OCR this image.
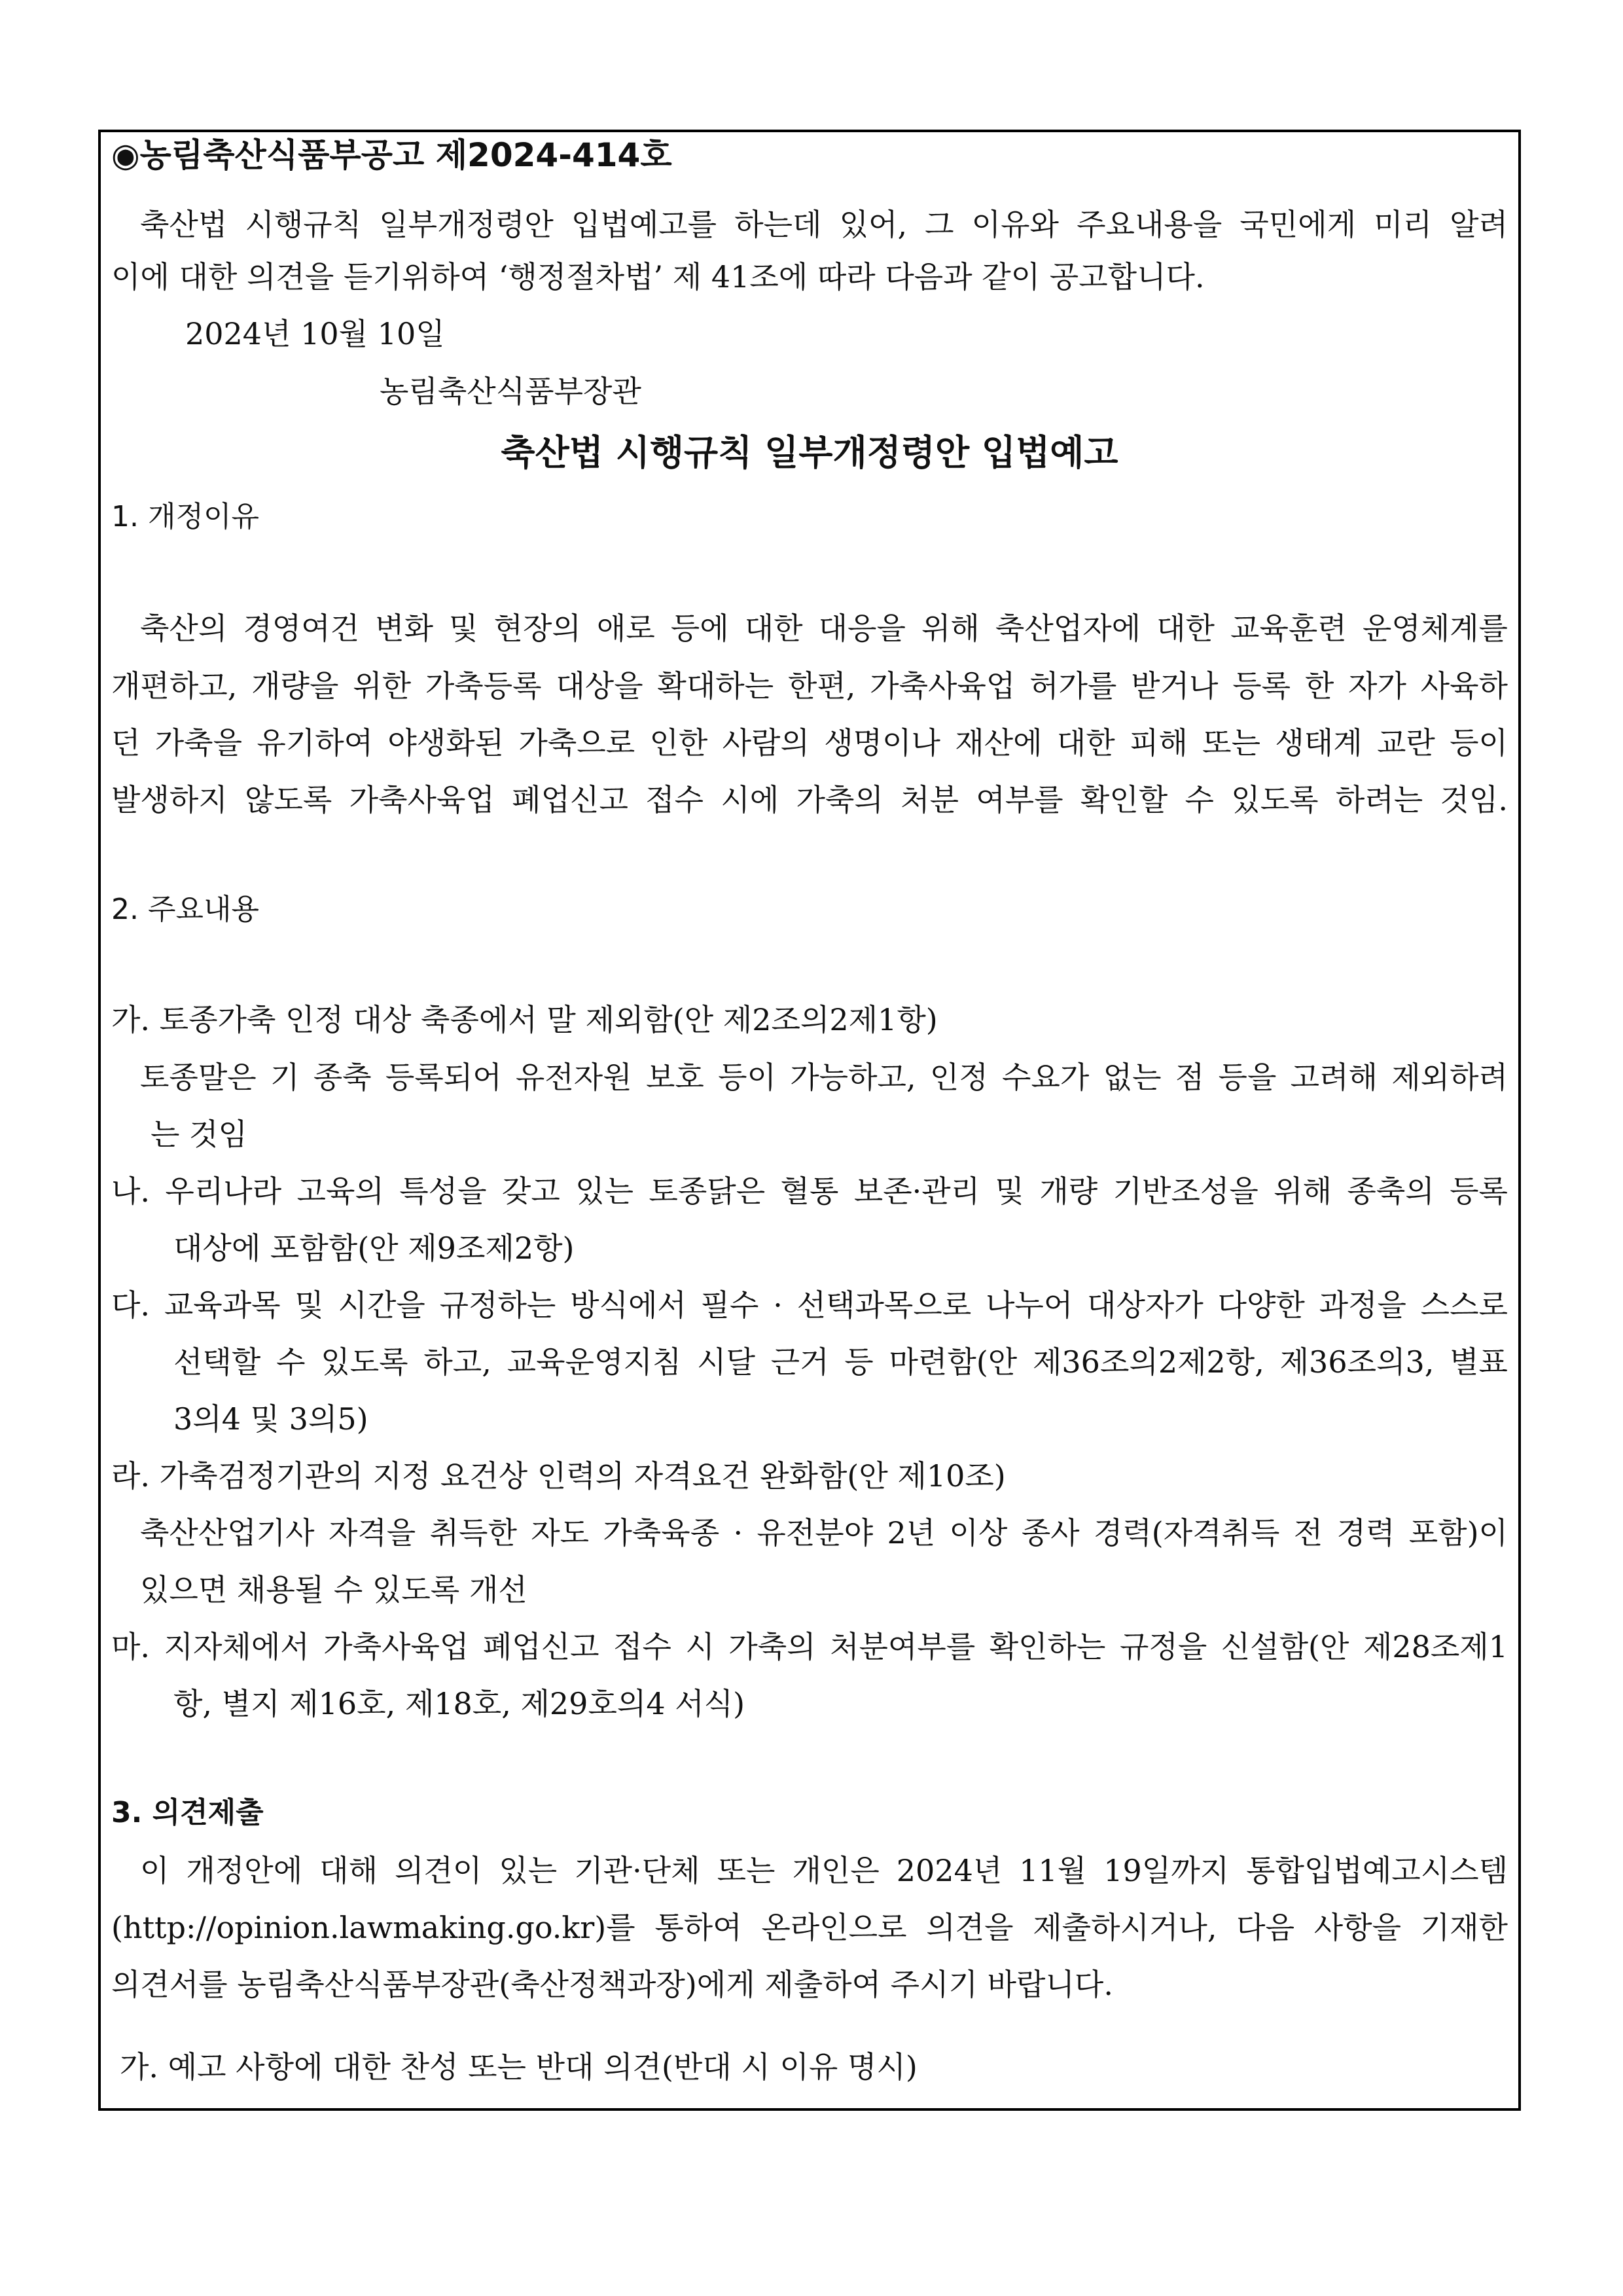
◉농림축산식품부공고 제2024-414호
축산법 시행규칙 일부개정령안 입법예고를 하는데 있어, 그 이유와 주요내용을 국민에게 미리 알려
이에 대한 의견을 듣기위하여 ‘행정절차법’ 제 41조에 따라 다음과 같이 공고합니다.
2024년 10월 10일
농림축산식품부장관
축산법 시행규칙 일부개정령안 입법예고
1. 개정이유
축산의 경영여건 변화 및 현장의 애로 등에 대한 대응을 위해 축산업자에 대한 교육훈련 운영체계를
개편하고, 개량을 위한 가축등록 대상을 확대하는 한편, 가축사육업 허가를 받거나 등록 한 자가 사육하
던 가축을 유기하여 야생화된 가축으로 인한 사람의 생명이나 재산에 대한 피해 또는 생태계 교란 등이
발생하지 않도록 가축사육업 폐업신고 접수 시에 가축의 처분 여부를 확인할 수 있도록 하려는 것임.
2. 주요내용
가. 토종가축 인정 대상 축종에서 말 제외함(안 제2조의2제1항)
토종말은 기 종축 등록되어 유전자원 보호 등이 가능하고, 인정 수요가 없는 점 등을 고려해 제외하려
는 것임
나. 우리나라 고육의 특성을 갖고 있는 토종닭은 혈통 보존·관리 및 개량 기반조성을 위해 종축의 등록
대상에 포함함(안 제9조제2항)
다. 교육과목 및 시간을 규정하는 방식에서 필수 · 선택과목으로 나누어 대상자가 다양한 과정을 스스로
선택할 수 있도록 하고, 교육운영지침 시달 근거 등 마련함(안 제36조의2제2항, 제36조의3, 별표
3의4 및 3의5)
라. 가축검정기관의 지정 요건상 인력의 자격요건 완화함(안 제10조)
축산산업기사 자격을 취득한 자도 가축육종 · 유전분야 2년 이상 종사 경력(자격취득 전 경력 포함)이
있으면 채용될 수 있도록 개선
마. 지자체에서 가축사육업 폐업신고 접수 시 가축의 처분여부를 확인하는 규정을 신설함(안 제28조제1
항, 별지 제16호, 제18호, 제29호의4 서식)
3. 의견제출
이 개정안에 대해 의견이 있는 기관·단체 또는 개인은 2024년 11월 19일까지 통합입법예고시스템
(http://opinion.lawmaking.go.kr)를 통하여 온라인으로 의견을 제출하시거나, 다음 사항을 기재한
의견서를 농림축산식품부장관(축산정책과장)에게 제출하여 주시기 바랍니다.
가. 예고 사항에 대한 찬성 또는 반대 의견(반대 시 이유 명시)
